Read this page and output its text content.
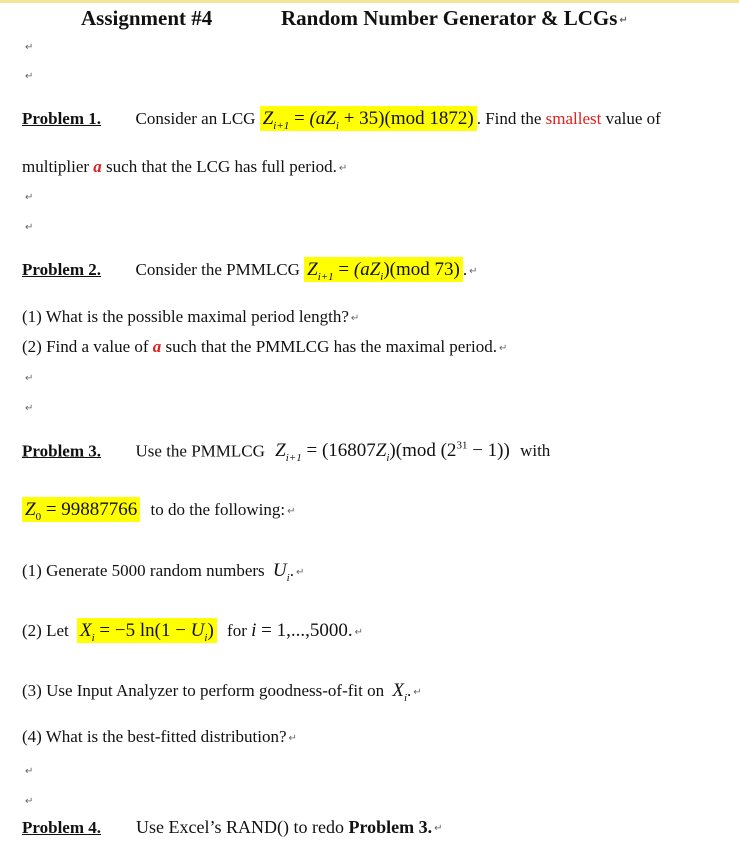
Assignment #4	Random Number Generator & LCGs ↵
↵
↵
Problem 1. Consider an LCG $Z_{i+1} = (aZ_i + 35)(mod$ 1872) . Find the smallest value of
multiplier a such that the LCG has full period. ↵
↵
↵
Problem 2. Consider the PMMLCG $Z_{i+1} = (aZ_i)(mod$ 73) . ↵
(1) What is the possible maximal period length? ↵
(2) Find a value of a such that the PMMLCG has the maximal period. ↵
↵
↵
Problem 3. Use the PMMLCG $Z_{i+1} = (16807Z_i)(mod$ $(2^{31} - 1)$) with
$Z_0 = 99887766$ to do the following: ↵
(1) Generate 5000 random numbers $U_i$. ↵
(2) Let $X_i = -5$ $\ln(1 - U_i)$ for i = 1,...,5000. ↵
(3) Use Input Analyzer to perform goodness-of-fit on $X_i$. ↵
(4) What is the best-fitted distribution? ↵
↵
↵
Problem 4. Use Excel’s RAND() to redo Problem 3. ↵
